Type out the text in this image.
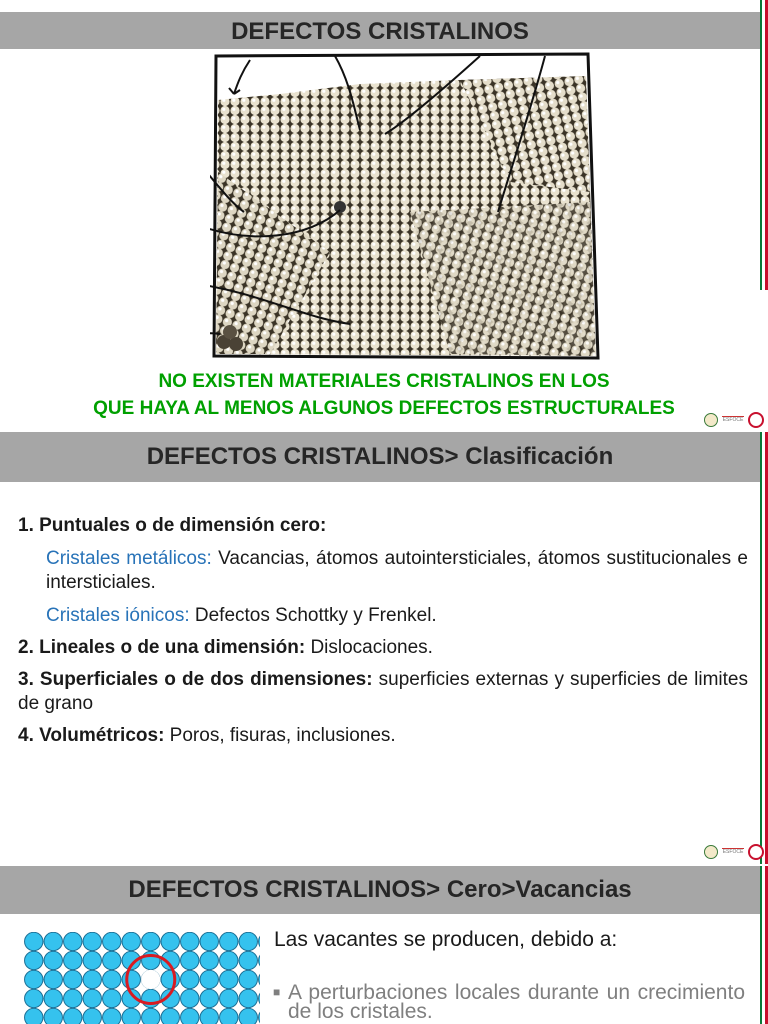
DEFECTOS CRISTALINOS
NO EXISTEN MATERIALES CRISTALINOS EN LOS
QUE HAYA AL MENOS ALGUNOS DEFECTOS ESTRUCTURALES
ESFOCE
DEFECTOS CRISTALINOS> Clasificación

1. Puntuales o de dimensión cero:

Cristales metálicos: Vacancias, átomos autointersticiales, átomos sustitucionales e intersticiales.

Cristales iónicos: Defectos Schottky y Frenkel.

2. Lineales o de una dimensión: Dislocaciones.

3. Superficiales o de dos dimensiones: superficies externas y superficies de limites de grano

4. Volumétricos: Poros, fisuras, inclusiones.

ESFOCE
DEFECTOS CRISTALINOS> Cero>Vacancias
Las vacantes se producen, debido a:
■ A perturbaciones locales durante un crecimiento de los cristales.
